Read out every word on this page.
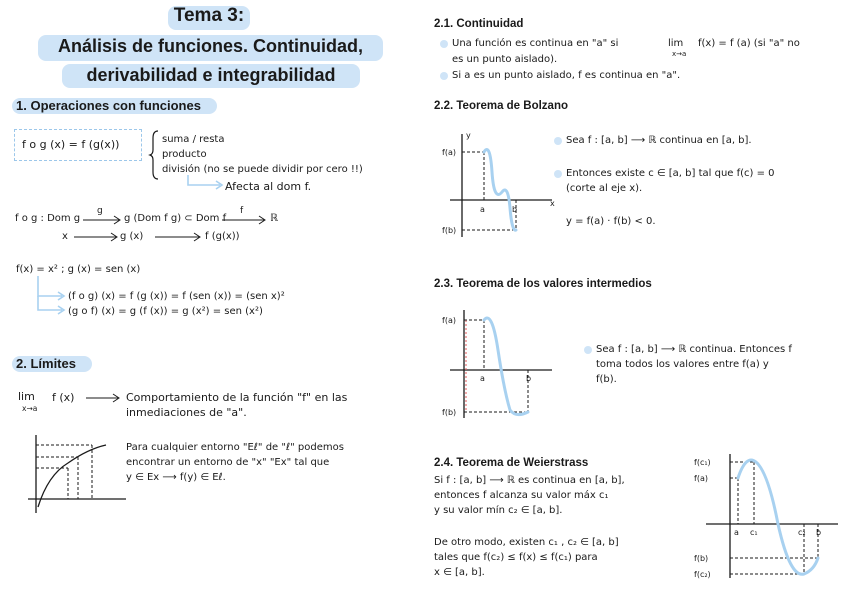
Tema 3:
Análisis de funciones. Continuidad,
derivabilidad e integrabilidad
1. Operaciones con funciones
f o g (x) = f (g(x))	suma / resta
producto
división (no se puede dividir por cero !!)
Afecta al dom f.
f o g : Dom g
g
g (Dom f g) ⊂ Dom f
f
ℝ
x	g (x)	f (g(x))
f(x) = x² ; g (x) = sen (x)
(f o g) (x) = f (g (x)) = f (sen (x)) = (sen x)²
(g o f) (x) = g (f (x)) = g (x²) = sen (x²)
2. Límites
lim
x→a
f (x)	Comportamiento de la función "f" en las
inmediaciones de "a".
Para cualquier entorno "Eℓ" de "ℓ" podemos
encontrar un entorno de "x" "Ex" tal que
y ∈ Ex ⟶ f(y) ∈ Eℓ.
2.1. Continuidad
Una función es continua en "a" si	lim
x→a
f(x) = f (a) (si "a" no
es un punto aislado).
Si a es un punto aislado, f es continua en "a".
2.2. Teorema de Bolzano
f(a)
f(b)
a	b
y
x
Sea f : [a, b] ⟶ ℝ continua en [a, b].
Entonces existe c ∈ [a, b] tal que f(c) = 0
(corte al eje x).
y = f(a) · f(b) < 0.
2.3. Teorema de los valores intermedios
f(a)
f(b)
a	b
Sea f : [a, b] ⟶ ℝ continua. Entonces f
toma todos los valores entre f(a) y
f(b).
2.4. Teorema de Weierstrass
Si f : [a, b] ⟶ ℝ es continua en [a, b],
entonces f alcanza su valor máx c₁
y su valor mín c₂ ∈ [a, b].
De otro modo, existen c₁ , c₂ ∈ [a, b]
tales que f(c₂) ≤ f(x) ≤ f(c₁) para
x ∈ [a, b].
f(c₁)
f(a)
f(b)
f(c₂)
a c₁	c₂ b
